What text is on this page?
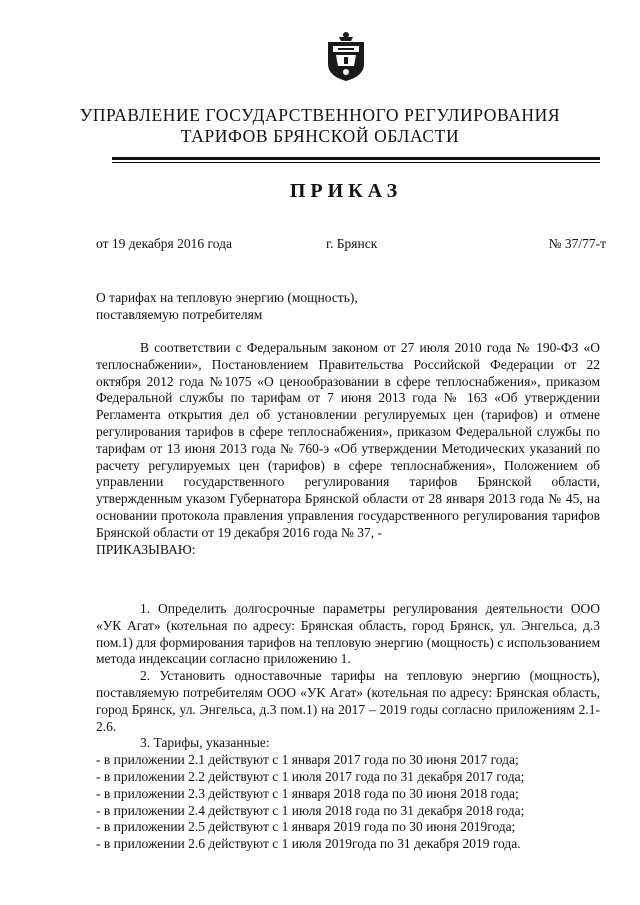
УПРАВЛЕНИЕ ГОСУДАРСТВЕННОГО РЕГУЛИРОВАНИЯ
ТАРИФОВ БРЯНСКОЙ ОБЛАСТИ
ПРИКАЗ
от 19 декабря 2016 года	г. Брянск	№ 37/77-т
О тарифах на тепловую энергию (мощность),
поставляемую потребителям

В соответствии с Федеральным законом от 27 июля 2010 года № 190-ФЗ «О теплоснабжении», Постановлением Правительства Российской Федерации от 22 октября 2012 года №1075 «О ценообразовании в сфере теплоснабжения», приказом Федеральной службы по тарифам от 7 июня 2013 года № 163 «Об утверждении Регламента открытия дел об установлении регулируемых цен (тарифов) и отмене регулирования тарифов в сфере теплоснабжения», приказом Федеральной службы по тарифам от 13 июня 2013 года № 760-э «Об утверждении Методических указаний по расчету регулируемых цен (тарифов) в сфере теплоснабжения», Положением об управлении государственного регулирования тарифов Брянской области, утвержденным указом Губернатора Брянской области от 28 января 2013 года № 45, на основании протокола правления управления государственного регулирования тарифов Брянской области от 19 декабря 2016 года № 37, -

ПРИКАЗЫВАЮ:

1. Определить долгосрочные параметры регулирования деятельности ООО «УК Агат» (котельная по адресу: Брянская область, город Брянск, ул. Энгельса, д.3 пом.1) для формирования тарифов на тепловую энергию (мощность) с использованием метода индексации согласно приложению 1.

2. Установить одноставочные тарифы на тепловую энергию (мощность), поставляемую потребителям ООО «УК Агат» (котельная по адресу: Брянская область, город Брянск, ул. Энгельса, д.3 пом.1) на 2017 – 2019 годы согласно приложениям 2.1-2.6.

3. Тарифы, указанные:

- в приложении 2.1 действуют с 1 января 2017 года по 30 июня 2017 года;

- в приложении 2.2 действуют с 1 июля 2017 года по 31 декабря 2017 года;

- в приложении 2.3 действуют с 1 января 2018 года по 30 июня 2018 года;

- в приложении 2.4 действуют с 1 июля 2018 года по 31 декабря 2018 года;

- в приложении 2.5 действуют с 1 января 2019 года по 30 июня 2019года;

- в приложении 2.6 действуют с 1 июля 2019года по 31 декабря 2019 года.
